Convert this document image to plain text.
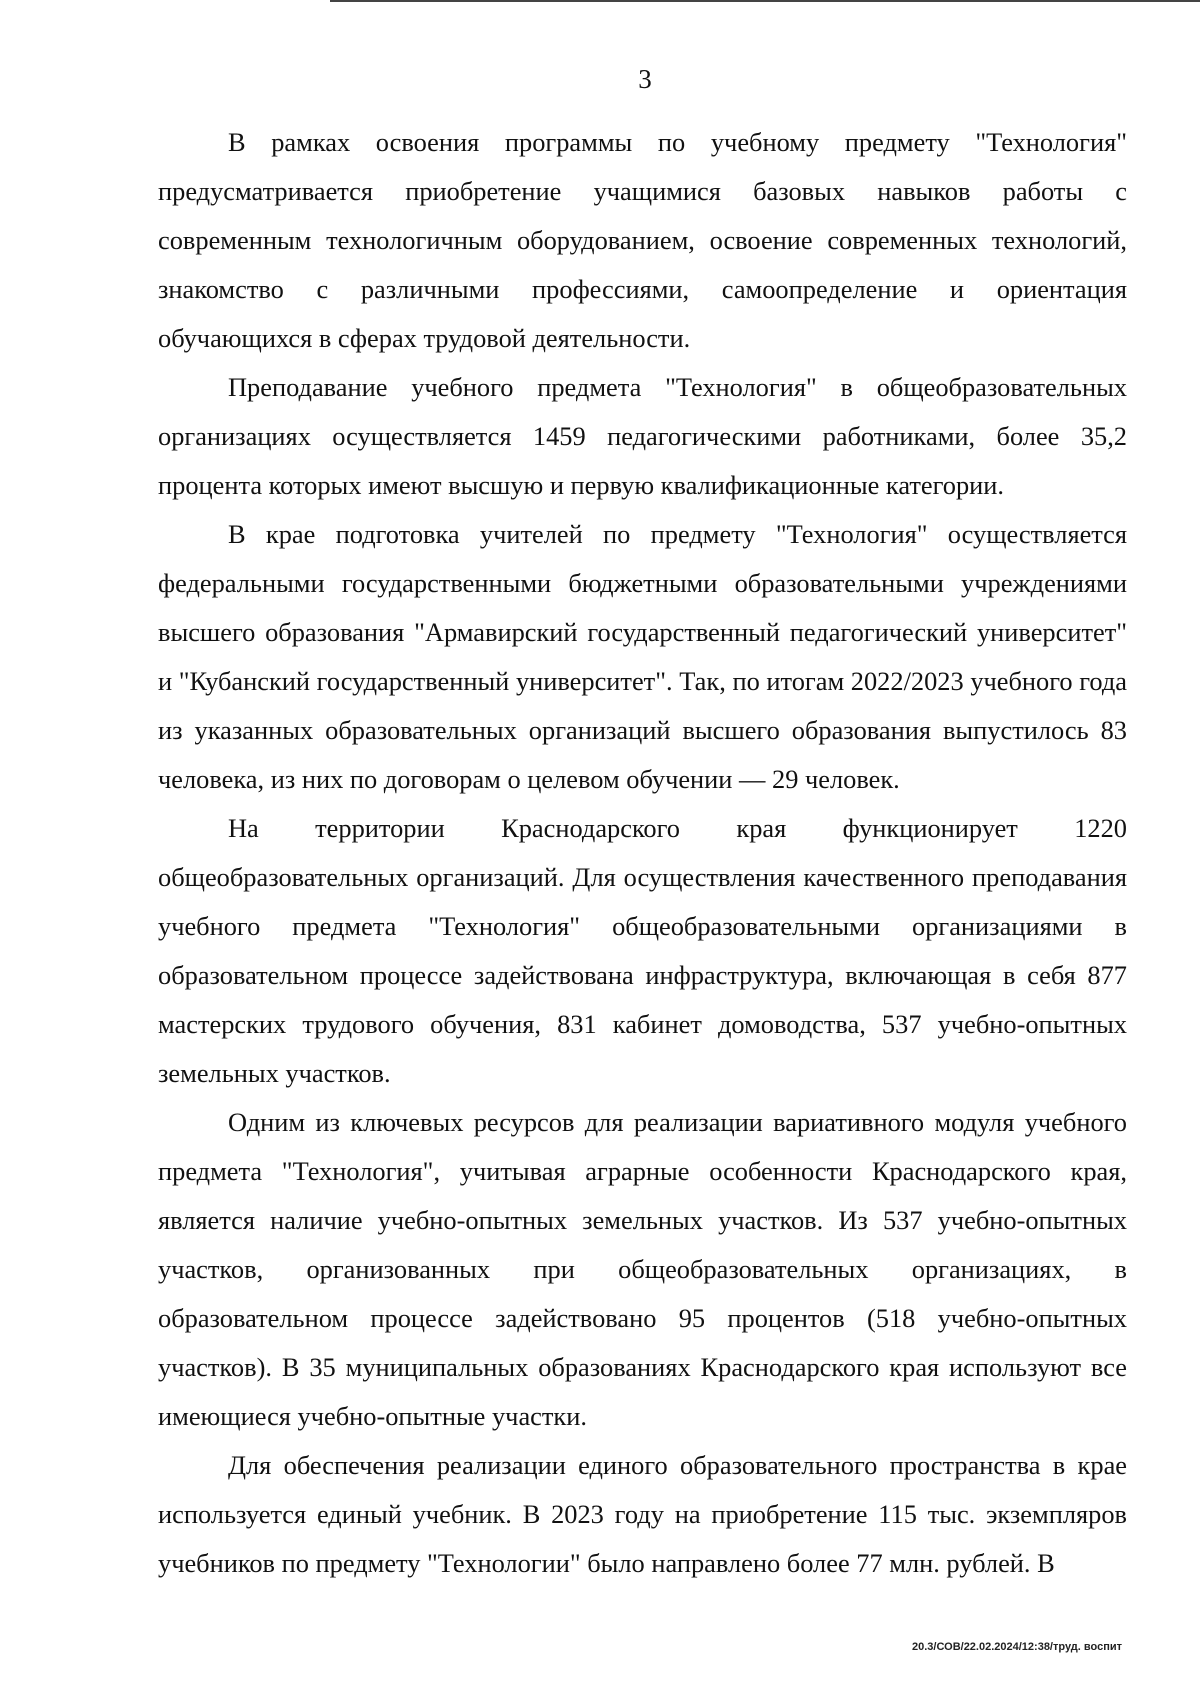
3

В рамках освоения программы по учебному предмету "Технология" предусматривается приобретение учащимися базовых навыков работы с современным технологичным оборудованием, освоение современных технологий, знакомство с различными профессиями, самоопределение и ориентация обучающихся в сферах трудовой деятельности.

Преподавание учебного предмета "Технология" в общеобразовательных организациях осуществляется 1459 педагогическими работниками, более 35,2 процента которых имеют высшую и первую квалификационные категории.

В крае подготовка учителей по предмету "Технология" осуществляется федеральными государственными бюджетными образовательными учреждениями высшего образования "Армавирский государственный педагогический университет" и "Кубанский государственный университет". Так, по итогам 2022/2023 учебного года из указанных образовательных организаций высшего образования выпустилось 83 человека, из них по договорам о целевом обучении — 29 человек.

На территории Краснодарского края функционирует 1220 общеобразовательных организаций. Для осуществления качественного преподавания учебного предмета "Технология" общеобразовательными организациями в образовательном процессе задействована инфраструктура, включающая в себя 877 мастерских трудового обучения, 831 кабинет домоводства, 537 учебно-опытных земельных участков.

Одним из ключевых ресурсов для реализации вариативного модуля учебного предмета "Технология", учитывая аграрные особенности Краснодарского края, является наличие учебно-опытных земельных участков. Из 537 учебно-опытных участков, организованных при общеобразовательных организациях, в образовательном процессе задействовано 95 процентов (518 учебно-опытных участков). В 35 муниципальных образованиях Краснодарского края используют все имеющиеся учебно-опытные участки.

Для обеспечения реализации единого образовательного пространства в крае используется единый учебник. В 2023 году на приобретение 115 тыс. экземпляров учебников по предмету "Технологии" было направлено более 77 млн. рублей. В

20.3/СОВ/22.02.2024/12:38/труд. воспит
